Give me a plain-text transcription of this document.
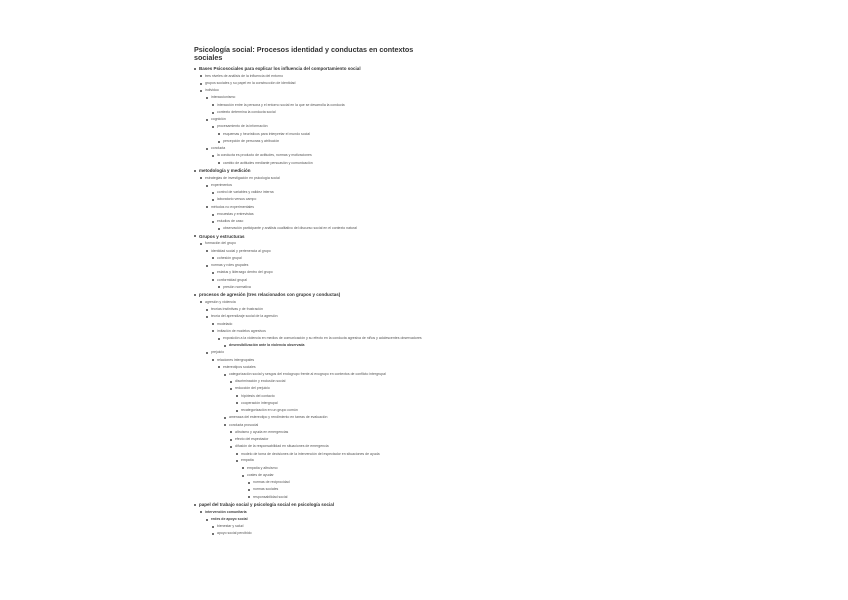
Psicología social: Procesos identidad y conductas en contextos sociales
Bases Psicosociales para explicar los influencia del comportamiento social
tres niveles de análisis de la influencia del entorno
grupos sociales y su papel en la construcción de identidad
individuo
interaccionismo
interacción entre la persona y el entorno social en la que se desarrolla la conducta
contexto determina la conducta social
cognición
procesamiento de la información
esquemas y heurísticos para interpretar el mundo social
percepción de personas y atribución
conducta
la conducta es producto de actitudes, normas y motivaciones
cambio de actitudes mediante persuasión y comunicación
metodología y medición
estrategias de investigación en psicología social
experimentos
control de variables y validez interna
laboratorio versus campo
métodos no experimentales
encuestas y entrevistas
estudios de caso
observación participante y análisis cualitativo del discurso social en el contexto natural
Grupos y estructuras
formación del grupo
identidad social y pertenencia al grupo
cohesión grupal
normas y roles grupales
estatus y liderazgo dentro del grupo
conformidad grupal
presión normativa
procesos de agresión (tres relacionados con grupos y conductas)
agresión y violencia
teorías instintivas y de frustración
teoría del aprendizaje social de la agresión
modelado
imitación de modelos agresivos
exposición a la violencia en medios de comunicación y su efecto en la conducta agresiva de niños y adolescentes observadores
desensibilización ante la violencia observada
prejuicio
relaciones intergrupales
estereotipos sociales
categorización social y sesgos del endogrupo frente al exogrupo en contextos de conflicto intergrupal
discriminación y exclusión social
reducción del prejuicio
hipótesis del contacto
cooperación intergrupal
recategorización en un grupo común
amenaza del estereotipo y rendimiento en tareas de evaluación
conducta prosocial
altruismo y ayuda en emergencias
efecto del espectador
difusión de la responsabilidad en situaciones de emergencia
modelo de toma de decisiones de la intervención del espectador en situaciones de ayuda
empatía
empatía y altruismo
costes de ayudar
normas de reciprocidad
normas sociales
responsabilidad social
papel del trabajo social y psicología social en psicología social
intervención comunitaria
redes de apoyo social
bienestar y salud
apoyo social percibido
